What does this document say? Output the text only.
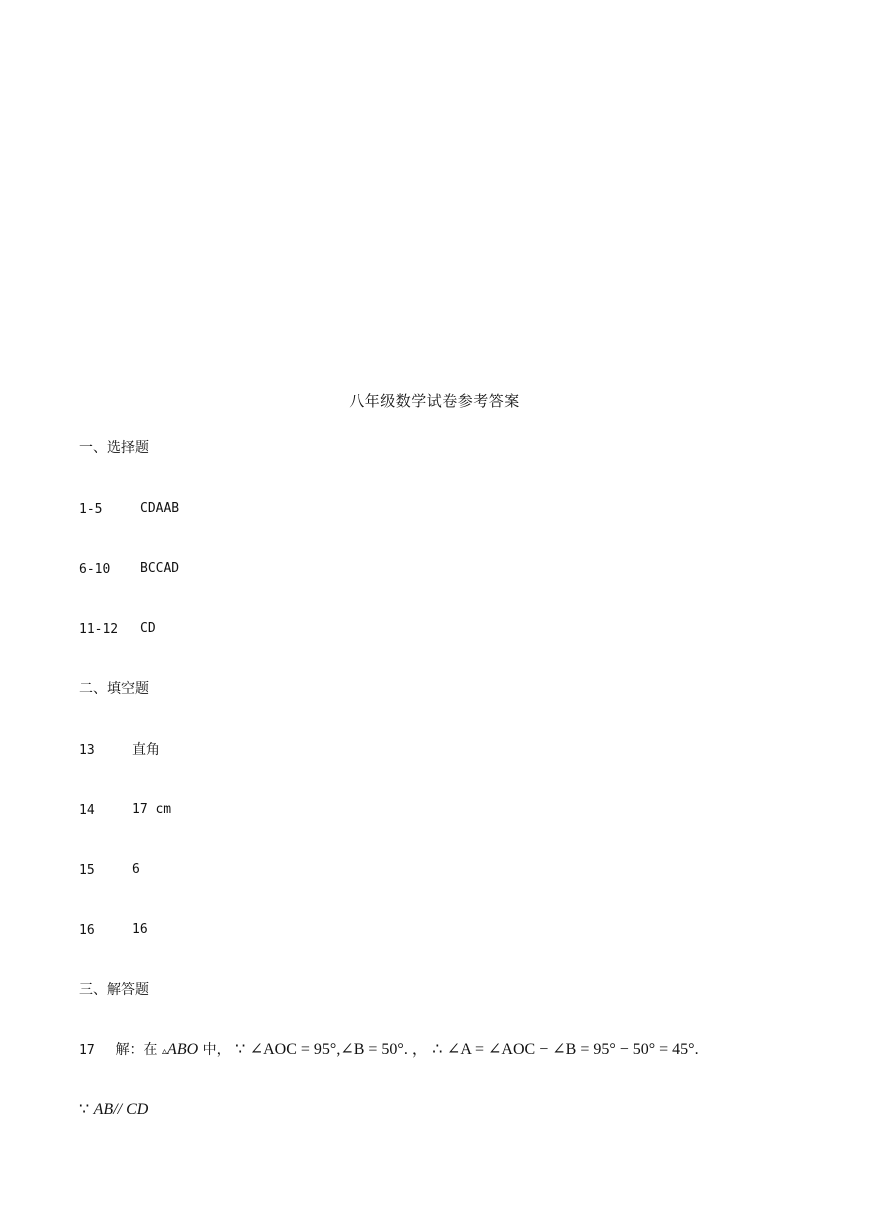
八年级数学试卷参考答案
一、选择题
1-5	CDAAB
6-10 BCCAD
11-12 CD
二、填空题
13	直角
14	17 cm
15	6
16	16
三、解答题
17 解：在 ▵ABO 中， ∵ ∠AOC = 95°,∠B = 50°. ， ∴ ∠A = ∠AOC − ∠B = 95° − 50° = 45°.
∵ AB// CD
